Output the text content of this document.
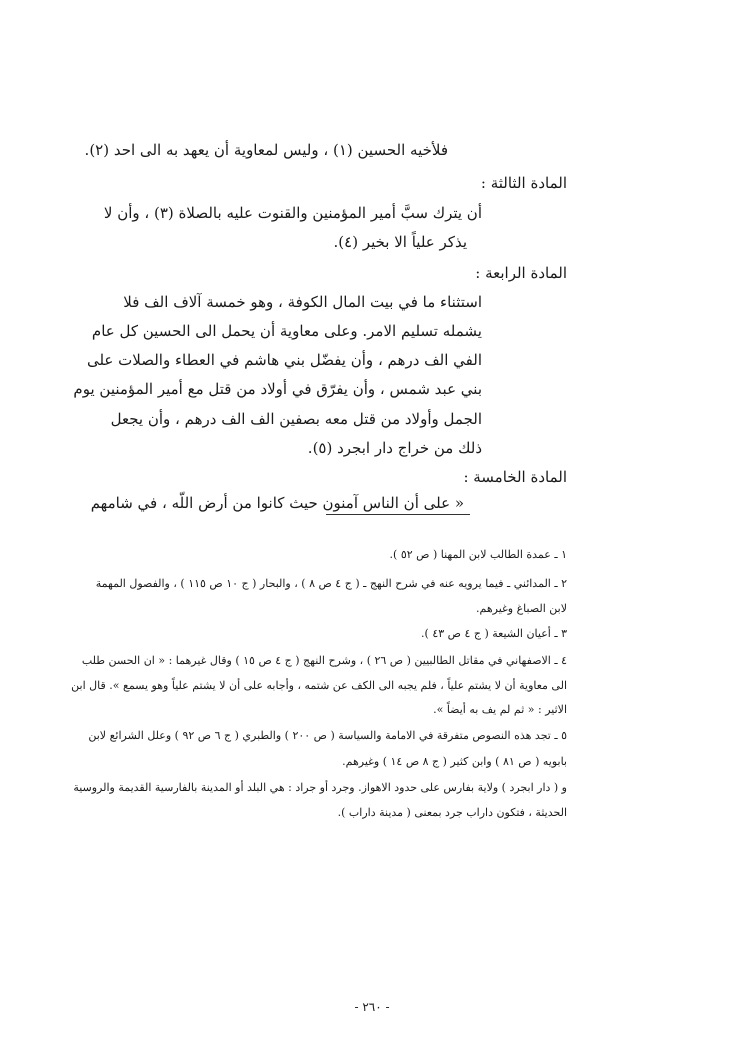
فلأخيه الحسين (١) ، وليس لمعاوية أن يعهد به الى احد (٢).
المادة الثالثة :
أن يترك سبَّ أمير المؤمنين والقنوت عليه بالصلاة (٣) ، وأن لا
يذكر علياً الا بخير (٤).
المادة الرابعة :
استثناء ما في بيت المال الكوفة ، وهو خمسة آلاف الف فلا
يشمله تسليم الامر. وعلى معاوية أن يحمل الى الحسين كل عام
الفي الف درهم ، وأن يفضّل بني هاشم في العطاء والصلات على
بني عبد شمس ، وأن يفرّق في أولاد من قتل مع أمير المؤمنين يوم
الجمل وأولاد من قتل معه بصفين الف الف درهم ، وأن يجعل
ذلك من خراج دار ابجرد (٥).
المادة الخامسة :
« على أن الناس آمنون حيث كانوا من أرض اللّه ، في شامهم
١ ـ عمدة الطالب لابن المهنا ( ص ٥٢ ).
٢ ـ المدائني ـ فيما يرويه عنه في شرح النهج ـ ( ج ٤ ص ٨ ) ، والبحار ( ج ١٠ ص ١١٥ ) ، والفصول المهمة
لابن الصباغ وغيرهم.
٣ ـ أعيان الشيعة ( ج ٤ ص ٤٣ ).
٤ ـ الاصفهاني في مقاتل الطالبيين ( ص ٢٦ ) ، وشرح النهج ( ج ٤ ص ١٥ ) وقال غيرهما : « ان الحسن طلب
الى معاوية أن لا يشتم علياً ، فلم يجبه الى الكف عن شتمه ، وأجابه على أن لا يشتم علياً وهو يسمع ». قال ابن
الاثير : « ثم لم يف به أيضاً ».
٥ ـ تجد هذه النصوص متفرقة في الامامة والسياسة ( ص ٢٠٠ ) والطبري ( ج ٦ ص ٩٢ ) وعلل الشرائع لابن
بابويه ( ص ٨١ ) وابن كثير ( ج ٨ ص ١٤ ) وغيرهم.
و ( دار ابجرد ) ولاية بفارس على حدود الاهواز. وجرد أو جراد : هي البلد أو المدينة بالفارسية القديمة والروسية
الحديثة ، فتكون داراب جرد بمعنى ( مدينة داراب ).
- ٢٦٠ -
